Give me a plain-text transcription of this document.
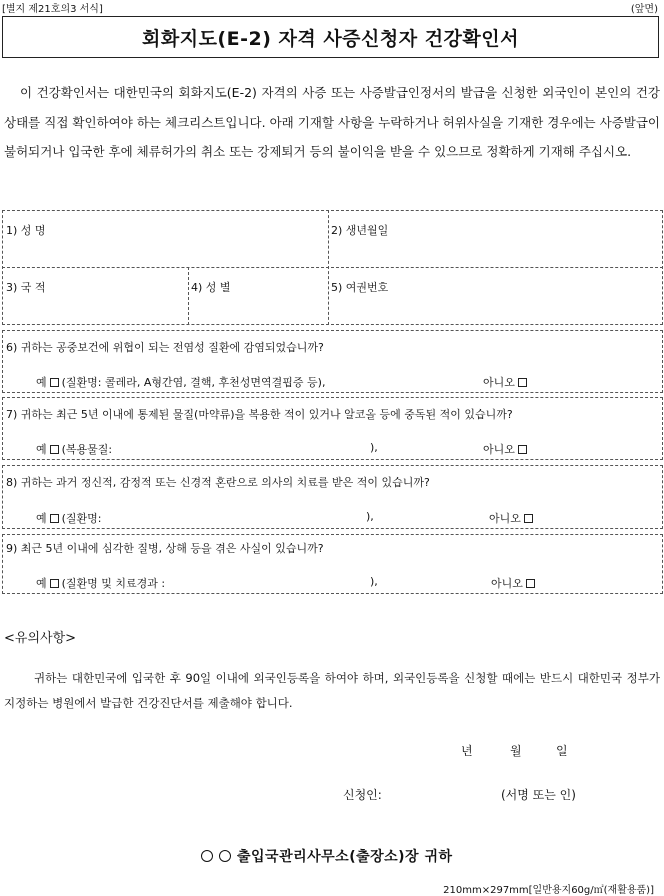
[별지 제21호의3 서식]	(앞면)
회화지도(E-2) 자격 사증신청자 건강확인서
이 건강확인서는 대한민국의 회화지도(E-2) 자격의 사증 또는 사증발급인정서의 발급을 신청한 외국인이 본인의 건강상태를 직접 확인하여야 하는 체크리스트입니다. 아래 기재할 사항을 누락하거나 허위사실을 기재한 경우에는 사증발급이 불허되거나 입국한 후에 체류허가의 취소 또는 강제퇴거 등의 불이익을 받을 수 있으므로 정확하게 기재해 주십시오.
1) 성 명	2) 생년월일
3) 국 적	4) 성 별	5) 여권번호
6) 귀하는 공중보건에 위협이 되는 전염성 질환에 감염되었습니까?
예 (질환명: 콜레라, A형간염, 결핵, 후천성면역결핍증 등),	아니오
7) 귀하는 최근 5년 이내에 통제된 물질(마약류)을 복용한 적이 있거나 알코올 등에 중독된 적이 있습니까?
예 (복용물질:	),	아니오
8) 귀하는 과거 정신적, 감정적 또는 신경적 혼란으로 의사의 치료를 받은 적이 있습니까?
예 (질환명:	),	아니오
9) 최근 5년 이내에 심각한 질병, 상해 등을 겪은 사실이 있습니까?
예 (질환명 및 치료경과 :	),	아니오
<유의사항>
귀하는 대한민국에 입국한 후 90일 이내에 외국인등록을 하여야 하며, 외국인등록을 신청할 때에는 반드시 대한민국 정부가 지정하는 병원에서 발급한 건강진단서를 제출해야 합니다.
년	월	일
신청인:	(서명 또는 인)
출입국관리사무소(출장소)장 귀하
210mm×297mm[일반용지60g/㎡(재활용품)]
